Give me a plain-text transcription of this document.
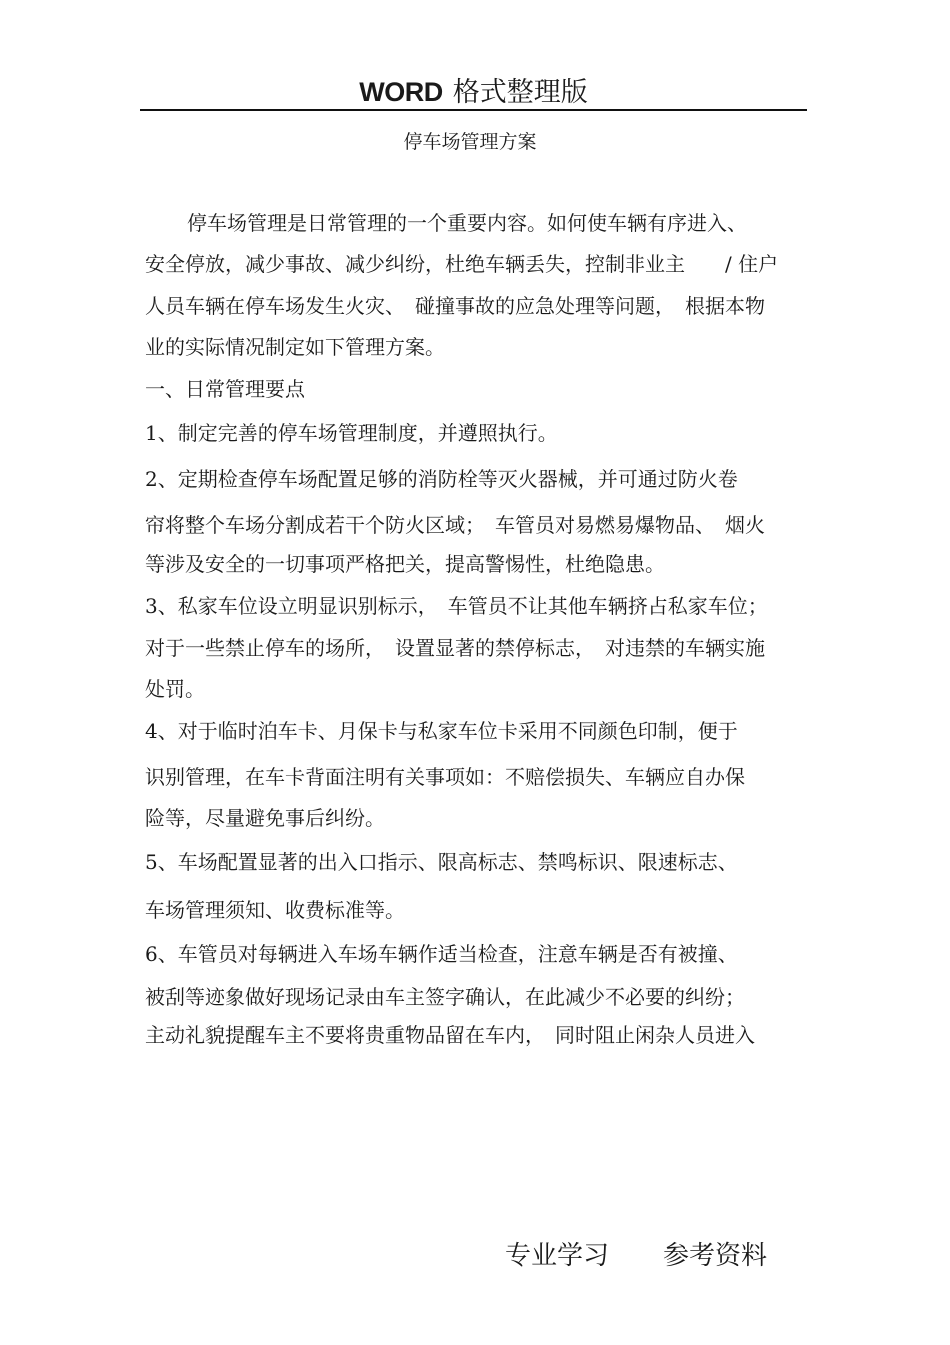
WORD 格式整理版
停车场管理方案
停车场管理是日常管理的一个重要内容。如何使车辆有序进入、
安全停放，减少事故、减少纠纷，杜绝车辆丢失，控制非业主　　/ 住户
人员车辆在停车场发生火灾、　碰撞事故的应急处理等问题，　根据本物
业的实际情况制定如下管理方案。
一、日常管理要点
1、制定完善的停车场管理制度，并遵照执行。
2、定期检查停车场配置足够的消防栓等灭火器械，并可通过防火卷
帘将整个车场分割成若干个防火区域；　车管员对易燃易爆物品、　烟火
等涉及安全的一切事项严格把关，提高警惕性，杜绝隐患。
3、私家车位设立明显识别标示，　车管员不让其他车辆挤占私家车位；
对于一些禁止停车的场所，　设置显著的禁停标志，　对违禁的车辆实施
处罚。
4、对于临时泊车卡、月保卡与私家车位卡采用不同颜色印制，便于
识别管理，在车卡背面注明有关事项如：不赔偿损失、车辆应自办保
险等，尽量避免事后纠纷。
5、车场配置显著的出入口指示、限高标志、禁鸣标识、限速标志、
车场管理须知、收费标准等。
6、车管员对每辆进入车场车辆作适当检查，注意车辆是否有被撞、
被刮等迹象做好现场记录由车主签字确认，在此减少不必要的纠纷；
主动礼貌提醒车主不要将贵重物品留在车内，　同时阻止闲杂人员进入
专业学习 参考资料
